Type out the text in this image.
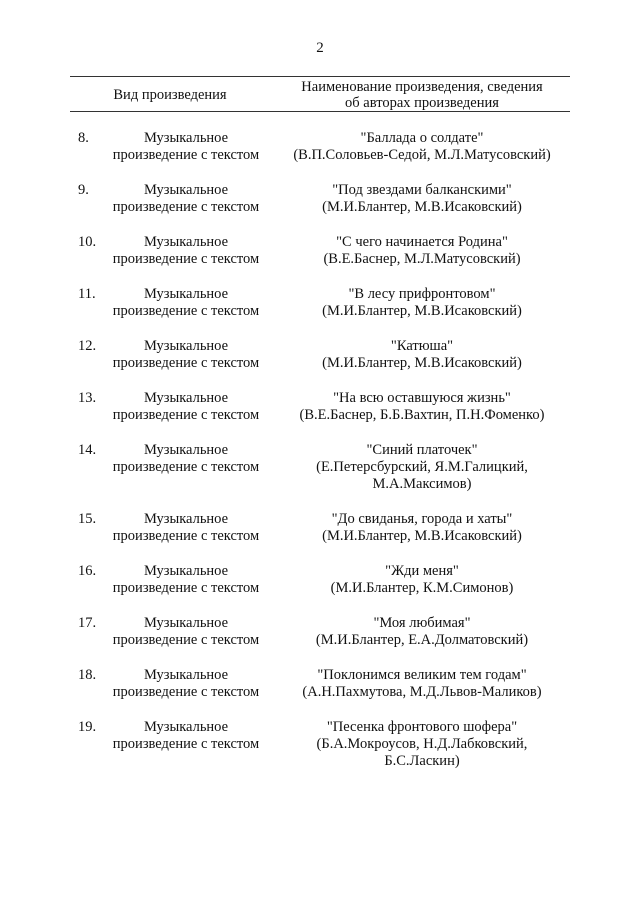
2
Вид произведения	Наименование произведения, сведения
об авторах произведения
8.	Музыкальное
произведение с текстом
"Баллада о солдате"
(В.П.Соловьев-Седой, М.Л.Матусовский)
9.	Музыкальное
произведение с текстом
"Под звездами балканскими"
(М.И.Блантер, М.В.Исаковский)
10.	Музыкальное
произведение с текстом
"С чего начинается Родина"
(В.Е.Баснер, М.Л.Матусовский)
11.	Музыкальное
произведение с текстом
"В лесу прифронтовом"
(М.И.Блантер, М.В.Исаковский)
12.	Музыкальное
произведение с текстом
"Катюша"
(М.И.Блантер, М.В.Исаковский)
13.	Музыкальное
произведение с текстом
"На всю оставшуюся жизнь"
(В.Е.Баснер, Б.Б.Вахтин, П.Н.Фоменко)
14.	Музыкальное
произведение с текстом
"Синий платочек"
(Е.Петерсбурский, Я.М.Галицкий,
М.А.Максимов)
15.	Музыкальное
произведение с текстом
"До свиданья, города и хаты"
(М.И.Блантер, М.В.Исаковский)
16.	Музыкальное
произведение с текстом
"Жди меня"
(М.И.Блантер, К.М.Симонов)
17.	Музыкальное
произведение с текстом
"Моя любимая"
(М.И.Блантер, Е.А.Долматовский)
18.	Музыкальное
произведение с текстом
"Поклонимся великим тем годам"
(А.Н.Пахмутова, М.Д.Львов-Маликов)
19.	Музыкальное
произведение с текстом
"Песенка фронтового шофера"
(Б.А.Мокроусов, Н.Д.Лабковский,
Б.С.Ласкин)
